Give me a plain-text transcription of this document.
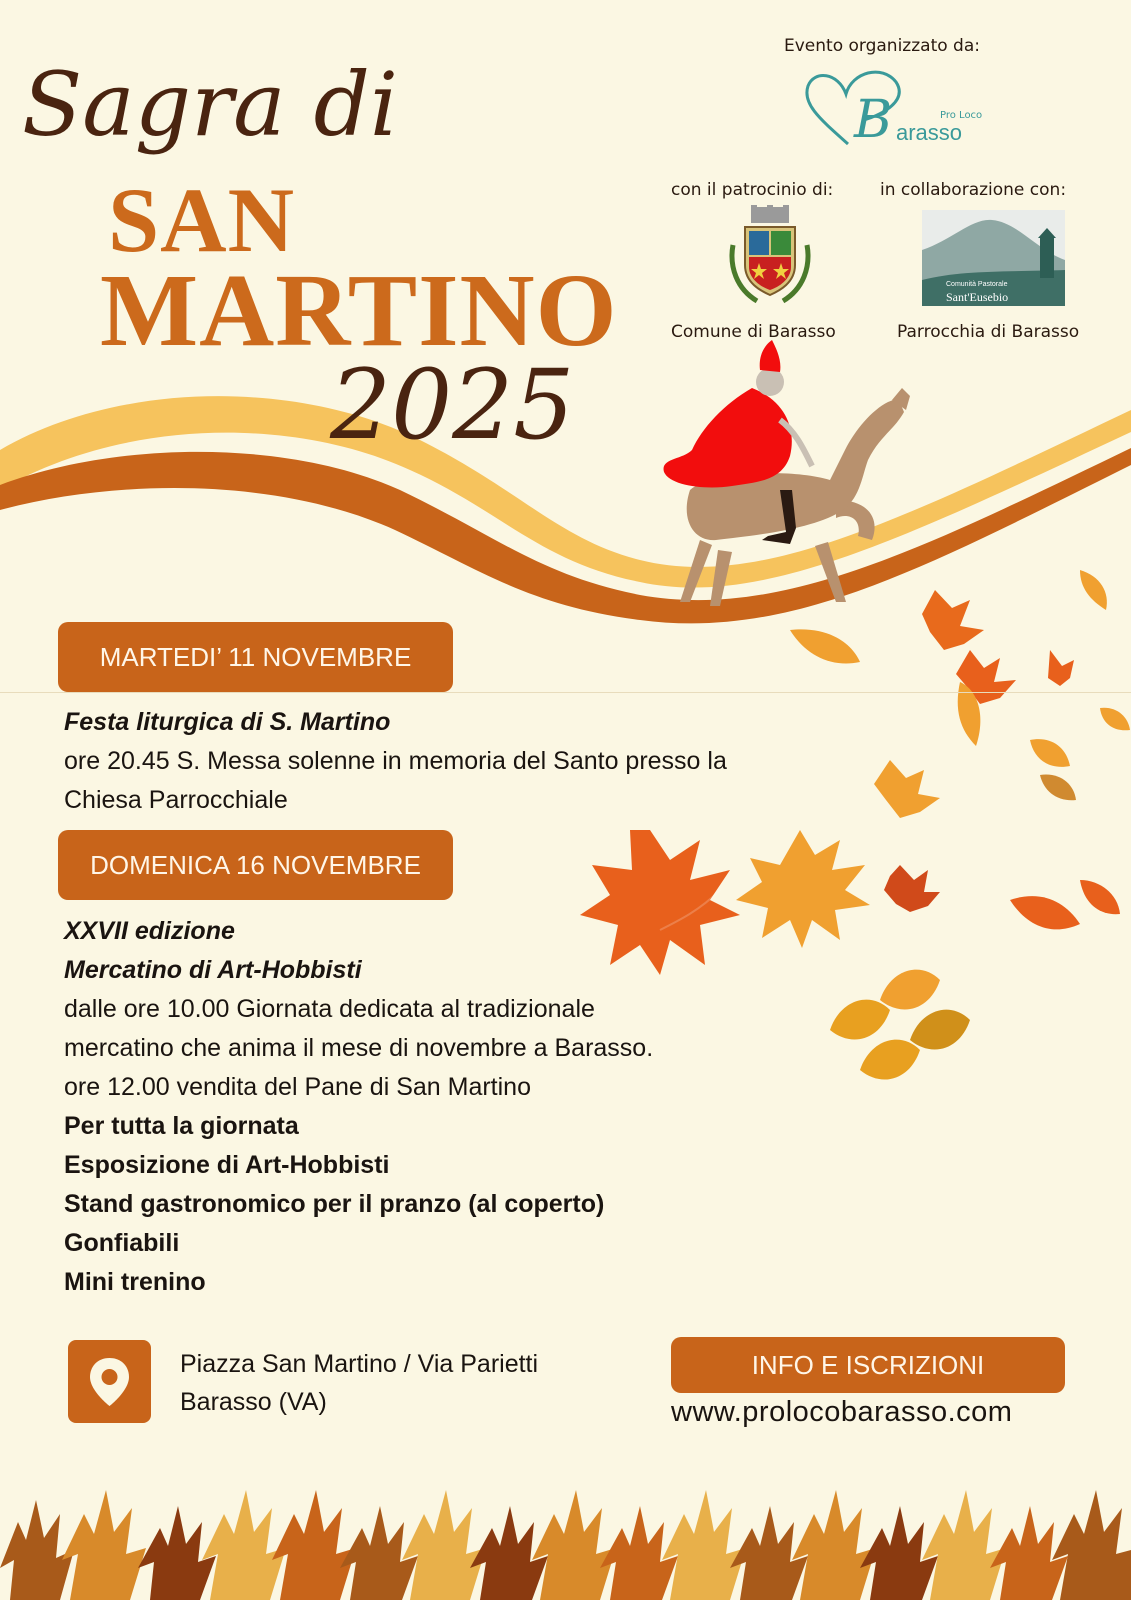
Evento organizzato da:
B	Pro Loco
arasso
con il patrocinio di:	in collaborazione con:
Comune di Barasso
Comunità Pastorale
Sant'Eusebio
Parrocchia di Barasso
Sagra di
SAN
MARTINO
2025
MARTEDI’ 11 NOVEMBRE
Festa liturgica di S. Martino
ore 20.45 S. Messa solenne in memoria del Santo presso la
Chiesa Parrocchiale
DOMENICA 16 NOVEMBRE
XXVII edizione
Mercatino di Art-Hobbisti
dalle ore 10.00 Giornata dedicata al tradizionale
mercatino che anima il mese di novembre a Barasso.
ore 12.00 vendita del Pane di San Martino
Per tutta la giornata
Esposizione di Art-Hobbisti
Stand gastronomico per il pranzo (al coperto)
Gonfiabili
Mini trenino
Piazza San Martino / Via Parietti
Barasso (VA)
INFO E ISCRIZIONI
www.prolocobarasso.com
